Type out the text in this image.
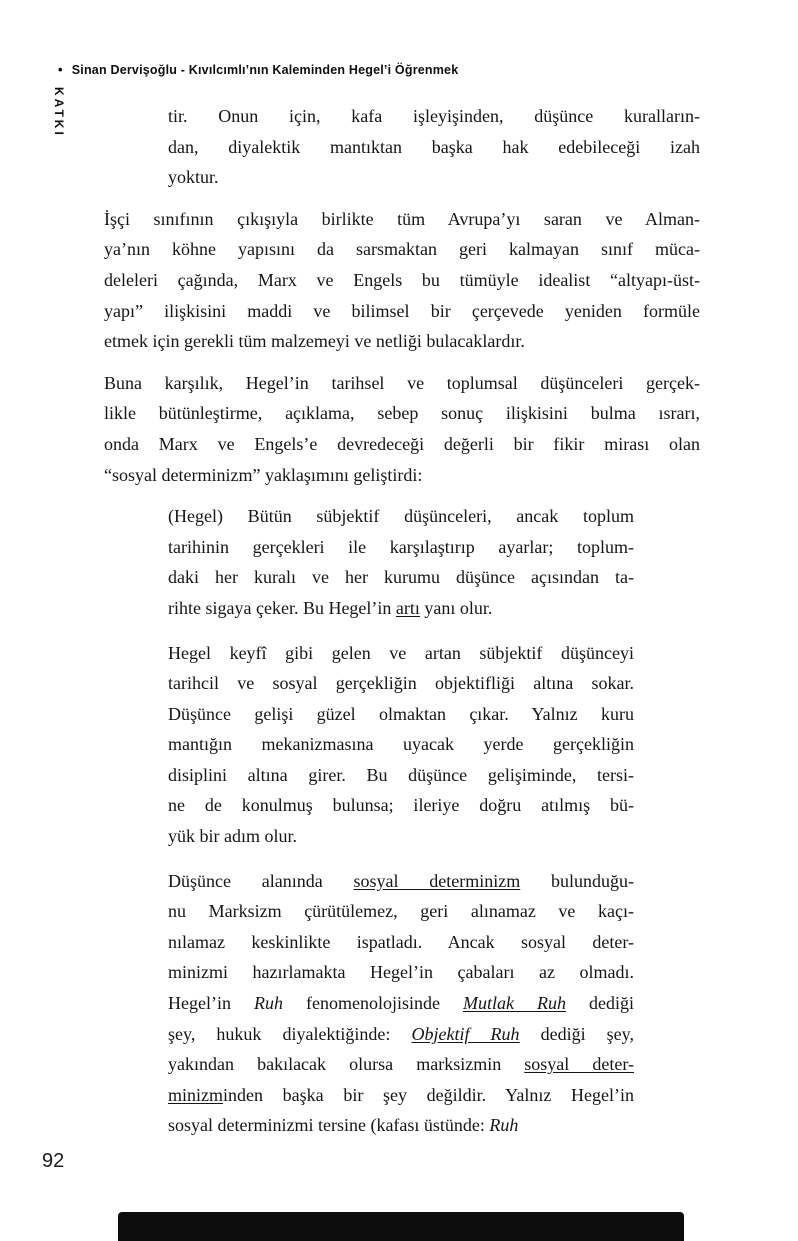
• Sinan Dervişoğlu - Kıvılcımlı’nın Kaleminden Hegel’i Öğrenmek
KATKI	tir. Onun için, kafa işleyişinden, düşünce kuralların-
dan, diyalektik mantıktan başka hak edebileceği izah
yoktur.
İşçi sınıfının çıkışıyla birlikte tüm Avrupa’yı saran ve Alman-
ya’nın köhne yapısını da sarsmaktan geri kalmayan sınıf müca-
deleleri çağında, Marx ve Engels bu tümüyle idealist “altyapı-üst-
yapı” ilişkisini maddi ve bilimsel bir çerçevede yeniden formüle
etmek için gerekli tüm malzemeyi ve netliği bulacaklardır.
Buna karşılık, Hegel’in tarihsel ve toplumsal düşünceleri gerçek-
likle bütünleştirme, açıklama, sebep sonuç ilişkisini bulma ısrarı,
onda Marx ve Engels’e devredeceği değerli bir fikir mirası olan
“sosyal determinizm” yaklaşımını geliştirdi:
(Hegel) Bütün sübjektif düşünceleri, ancak toplum
tarihinin gerçekleri ile karşılaştırıp ayarlar; toplum-
daki her kuralı ve her kurumu düşünce açısından ta-
rihte sigaya çeker. Bu Hegel’in artı yanı olur.
Hegel keyfî gibi gelen ve artan sübjektif düşünceyi
tarihcil ve sosyal gerçekliğin objektifliği altına sokar.
Düşünce gelişi güzel olmaktan çıkar. Yalnız kuru
mantığın mekanizmasına uyacak yerde gerçekliğin
disiplini altına girer. Bu düşünce gelişiminde, tersi-
ne de konulmuş bulunsa; ileriye doğru atılmış bü-
yük bir adım olur.
Düşünce alanında sosyal determinizm bulunduğu-
nu Marksizm çürütülemez, geri alınamaz ve kaçı-
nılamaz keskinlikte ispatladı. Ancak sosyal deter-
minizmi hazırlamakta Hegel’in çabaları az olmadı.
Hegel’in Ruh fenomenolojisinde Mutlak Ruh dediği
şey, hukuk diyalektiğinde: Objektif Ruh dediği şey,
yakından bakılacak olursa marksizmin sosyal deter-
minizminden başka bir şey değildir. Yalnız Hegel’in
sosyal determinizmi tersine (kafası üstünde: Ruh
92
